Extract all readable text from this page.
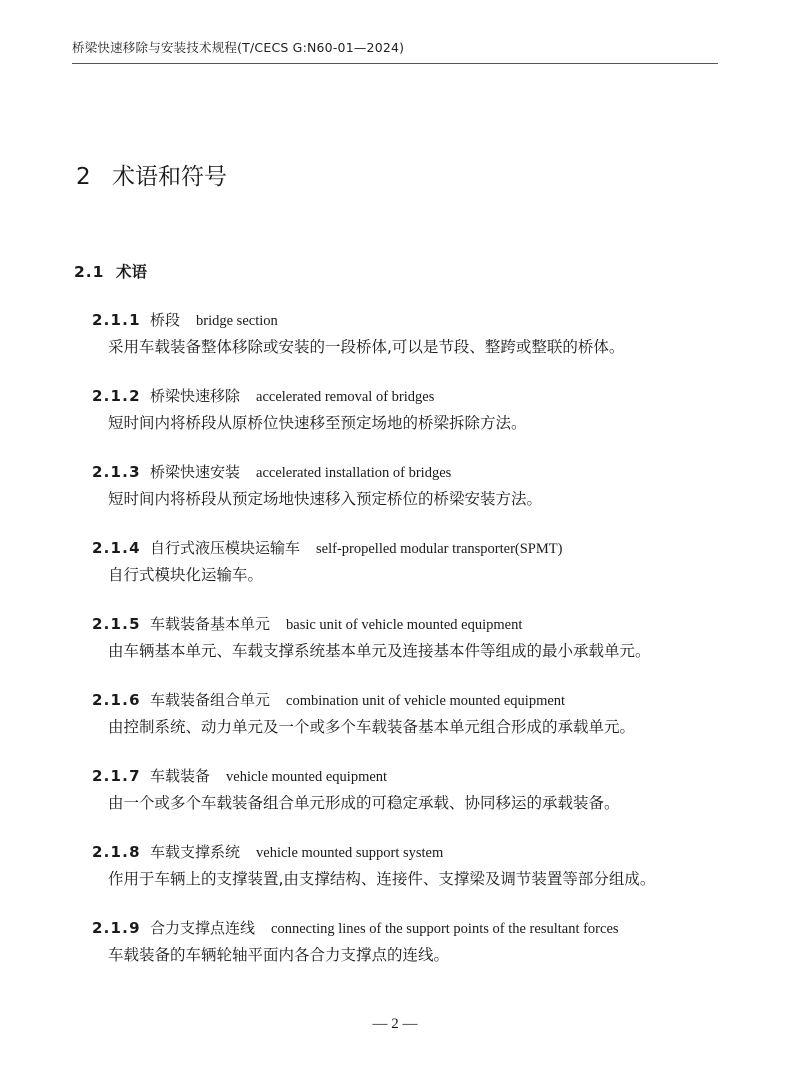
桥梁快速移除与安装技术规程(T/CECS G:N60-01—2024)
2 术语和符号
2.1 术语
2.1.1 桥段 bridge section
采用车载装备整体移除或安装的一段桥体,可以是节段、整跨或整联的桥体。
2.1.2 桥梁快速移除 accelerated removal of bridges
短时间内将桥段从原桥位快速移至预定场地的桥梁拆除方法。
2.1.3 桥梁快速安装 accelerated installation of bridges
短时间内将桥段从预定场地快速移入预定桥位的桥梁安装方法。
2.1.4 自行式液压模块运输车 self-propelled modular transporter(SPMT)
自行式模块化运输车。
2.1.5 车载装备基本单元 basic unit of vehicle mounted equipment
由车辆基本单元、车载支撑系统基本单元及连接基本件等组成的最小承载单元。
2.1.6 车载装备组合单元 combination unit of vehicle mounted equipment
由控制系统、动力单元及一个或多个车载装备基本单元组合形成的承载单元。
2.1.7 车载装备 vehicle mounted equipment
由一个或多个车载装备组合单元形成的可稳定承载、协同移运的承载装备。
2.1.8 车载支撑系统 vehicle mounted support system
作用于车辆上的支撑装置,由支撑结构、连接件、支撑梁及调节装置等部分组成。
2.1.9 合力支撑点连线 connecting lines of the support points of the resultant forces
车载装备的车辆轮轴平面内各合力支撑点的连线。
— 2 —
